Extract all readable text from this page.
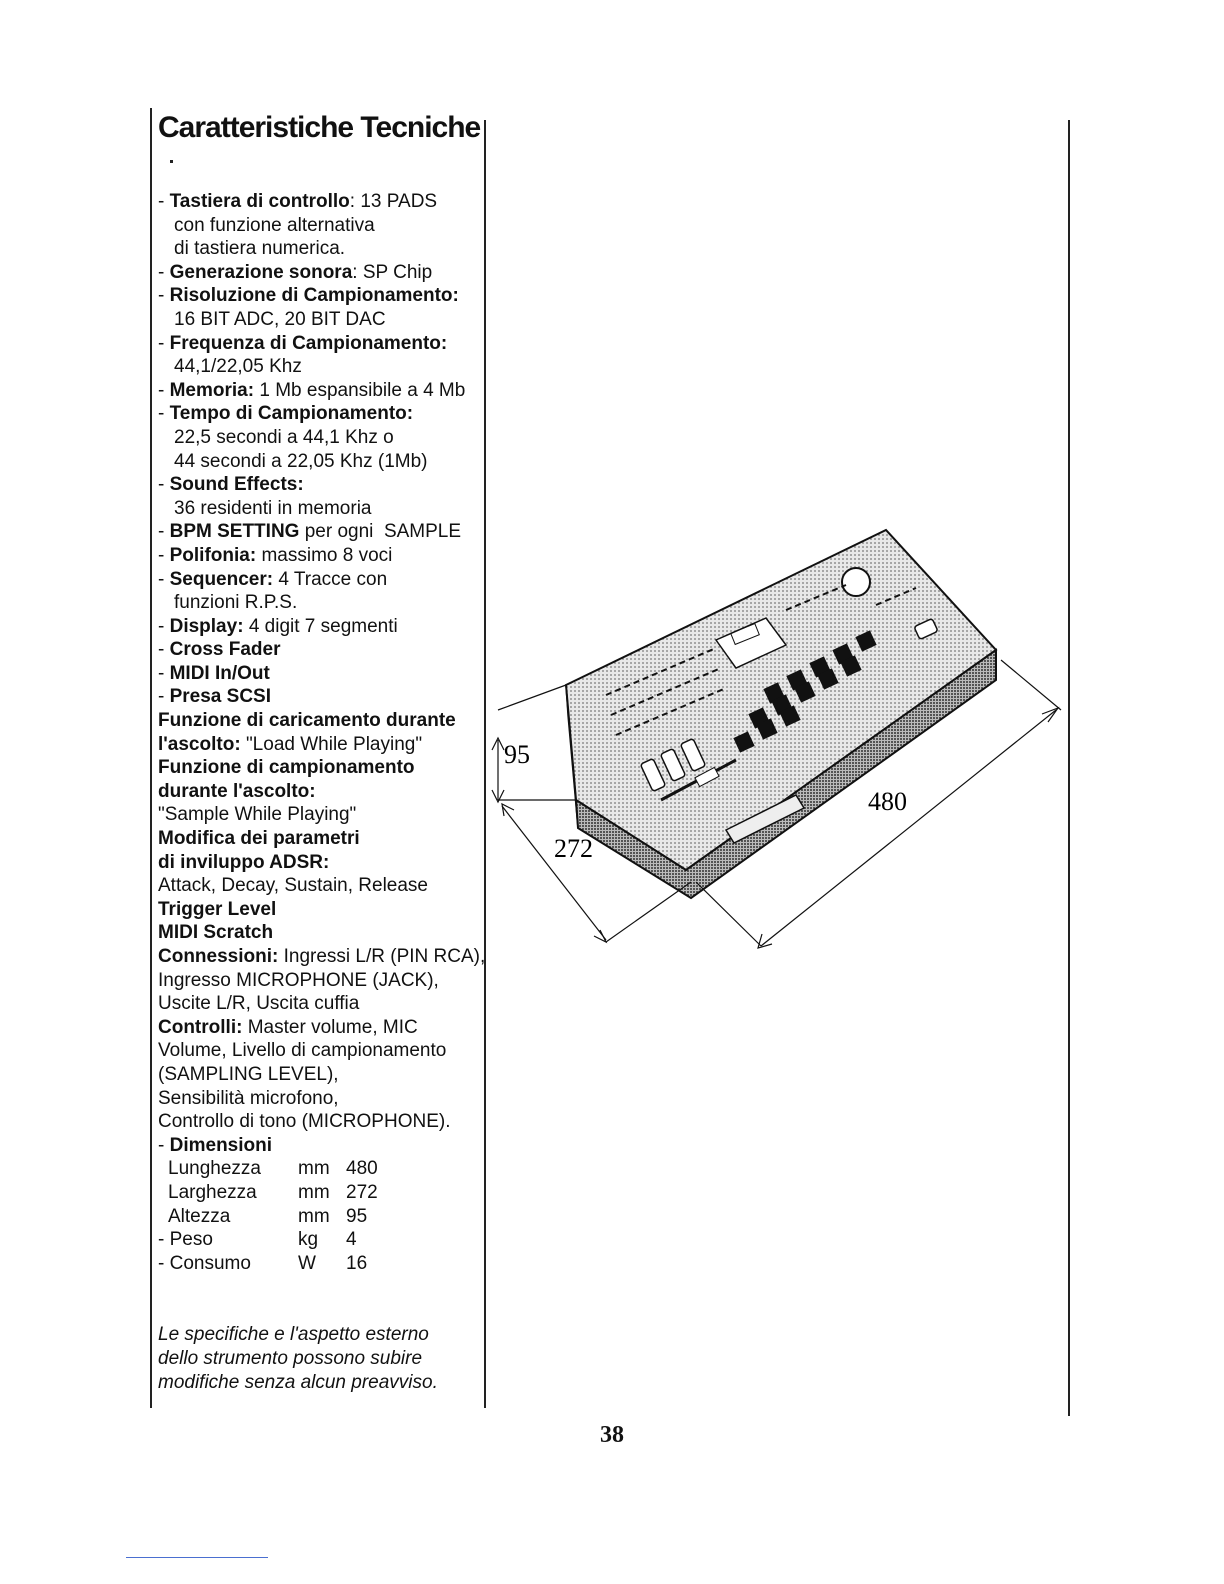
Caratteristiche Tecniche
- Tastiera di controllo: 13 PADS
con funzione alternativa
di tastiera numerica.
- Generazione sonora: SP Chip
- Risoluzione di Campionamento:
16 BIT ADC, 20 BIT DAC
- Frequenza di Campionamento:
44,1/22,05 Khz
- Memoria: 1 Mb espansibile a 4 Mb
- Tempo di Campionamento:
22,5 secondi a 44,1 Khz o
44 secondi a 22,05 Khz (1Mb)
- Sound Effects:
36 residenti in memoria
- BPM SETTING per ogni  SAMPLE
- Polifonia: massimo 8 voci
- Sequencer: 4 Tracce con
funzioni R.P.S.
- Display: 4 digit 7 segmenti
- Cross Fader
- MIDI In/Out
- Presa SCSI
Funzione di caricamento durante
l'ascolto: "Load While Playing"
Funzione di campionamento
durante l'ascolto:
"Sample While Playing"
Modifica dei parametri
di inviluppo ADSR:
Attack, Decay, Sustain, Release
Trigger Level
MIDI Scratch
Connessioni: Ingressi L/R (PIN RCA),
Ingresso MICROPHONE (JACK),
Uscite L/R, Uscita cuffia
Controlli: Master volume, MIC
Volume, Livello di campionamento
(SAMPLING LEVEL),
Sensibilità microfono,
Controllo di tono (MICROPHONE).
- Dimensioni
Lunghezza	mm	480
Larghezza	mm	272
Altezza	mm	95
- Peso	kg	4
- Consumo	W	16
Le specifiche e l'aspetto esterno
dello strumento possono subire
modifiche senza alcun preavviso.
95
272
480
38
